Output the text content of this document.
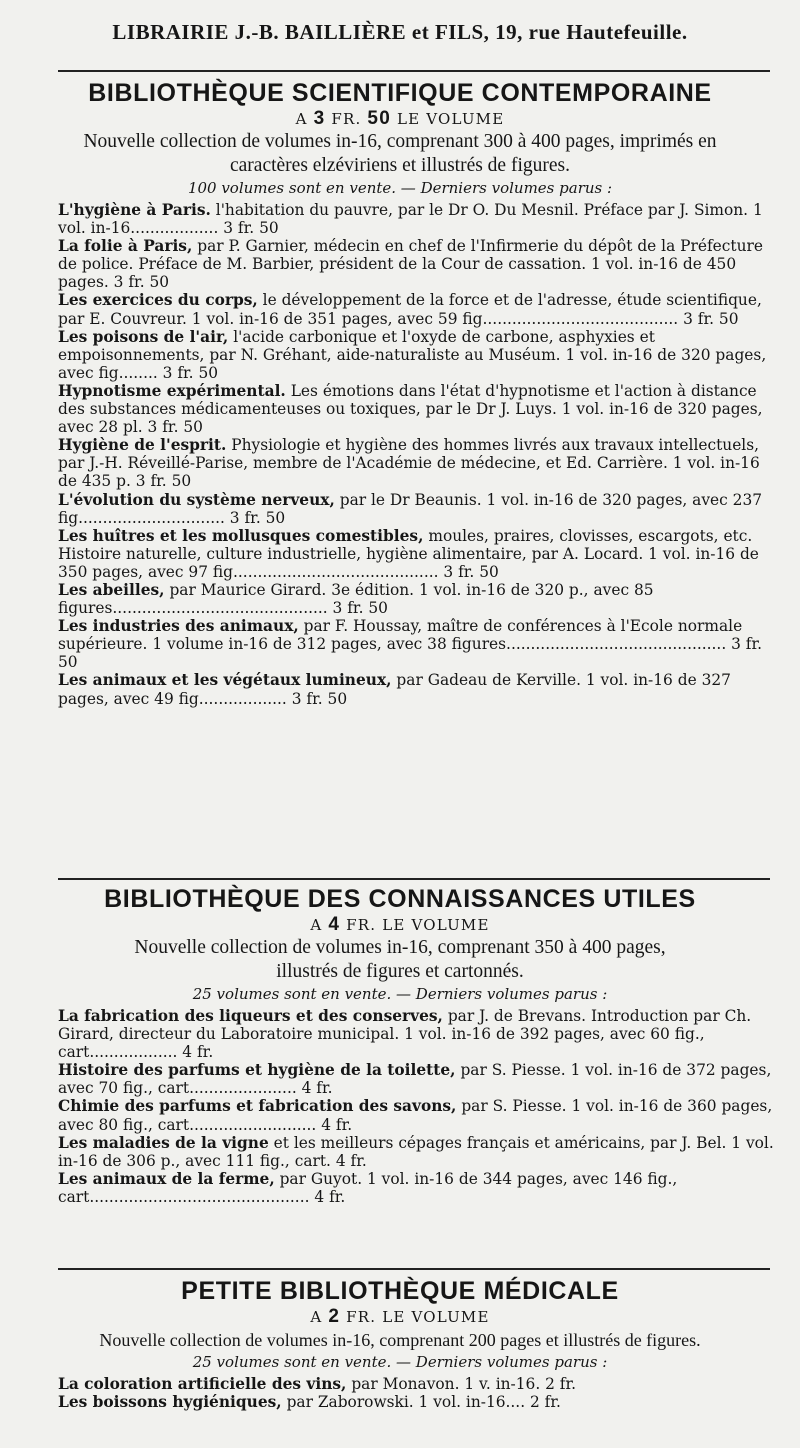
LIBRAIRIE J.-B. BAILLIÈRE et FILS, 19, rue Hautefeuille.
BIBLIOTHÈQUE SCIENTIFIQUE CONTEMPORAINE
A 3 FR. 50 LE VOLUME
Nouvelle collection de volumes in-16, comprenant 300 à 400 pages, imprimés en caractères elzéviriens et illustrés de figures.
100 volumes sont en vente. — Derniers volumes parus :
L'hygiène à Paris. l'habitation du pauvre, par le Dr O. Du Mesnil. Préface par J. Simon. 1 vol. in-16.................. 3 fr. 50
La folie à Paris, par P. Garnier, médecin en chef de l'Infirmerie du dépôt de la Préfecture de police. Préface de M. Barbier, président de la Cour de cassation. 1 vol. in-16 de 450 pages. 3 fr. 50
Les exercices du corps, le développement de la force et de l'adresse, étude scientifique, par E. Couvreur. 1 vol. in-16 de 351 pages, avec 59 fig........................................ 3 fr. 50
Les poisons de l'air, l'acide carbonique et l'oxyde de carbone, asphyxies et empoisonnements, par N. Gréhant, aide-naturaliste au Muséum. 1 vol. in-16 de 320 pages, avec fig........ 3 fr. 50
Hypnotisme expérimental. Les émotions dans l'état d'hypnotisme et l'action à distance des substances médicamenteuses ou toxiques, par le Dr J. Luys. 1 vol. in-16 de 320 pages, avec 28 pl. 3 fr. 50
Hygiène de l'esprit. Physiologie et hygiène des hommes livrés aux travaux intellectuels, par J.-H. Réveillé-Parise, membre de l'Académie de médecine, et Ed. Carrière. 1 vol. in-16 de 435 p. 3 fr. 50
L'évolution du système nerveux, par le Dr Beaunis. 1 vol. in-16 de 320 pages, avec 237 fig.............................. 3 fr. 50
Les huîtres et les mollusques comestibles, moules, praires, clovisses, escargots, etc. Histoire naturelle, culture industrielle, hygiène alimentaire, par A. Locard. 1 vol. in-16 de 350 pages, avec 97 fig.......................................... 3 fr. 50
Les abeilles, par Maurice Girard. 3e édition. 1 vol. in-16 de 320 p., avec 85 figures............................................ 3 fr. 50
Les industries des animaux, par F. Houssay, maître de conférences à l'Ecole normale supérieure. 1 volume in-16 de 312 pages, avec 38 figures............................................. 3 fr. 50
Les animaux et les végétaux lumineux, par Gadeau de Kerville. 1 vol. in-16 de 327 pages, avec 49 fig.................. 3 fr. 50
BIBLIOTHÈQUE DES CONNAISSANCES UTILES
A 4 FR. LE VOLUME
Nouvelle collection de volumes in-16, comprenant 350 à 400 pages, illustrés de figures et cartonnés.
25 volumes sont en vente. — Derniers volumes parus :
La fabrication des liqueurs et des conserves, par J. de Brevans. Introduction par Ch. Girard, directeur du Laboratoire municipal. 1 vol. in-16 de 392 pages, avec 60 fig., cart.................. 4 fr.
Histoire des parfums et hygiène de la toilette, par S. Piesse. 1 vol. in-16 de 372 pages, avec 70 fig., cart...................... 4 fr.
Chimie des parfums et fabrication des savons, par S. Piesse. 1 vol. in-16 de 360 pages, avec 80 fig., cart.......................... 4 fr.
Les maladies de la vigne et les meilleurs cépages français et américains, par J. Bel. 1 vol. in-16 de 306 p., avec 111 fig., cart. 4 fr.
Les animaux de la ferme, par Guyot. 1 vol. in-16 de 344 pages, avec 146 fig., cart............................................. 4 fr.
PETITE BIBLIOTHÈQUE MÉDICALE
A 2 FR. LE VOLUME
Nouvelle collection de volumes in-16, comprenant 200 pages et illustrés de figures.
25 volumes sont en vente. — Derniers volumes parus :
La coloration artificielle des vins, par Monavon. 1 v. in-16. 2 fr.
Les boissons hygiéniques, par Zaborowski. 1 vol. in-16.... 2 fr.
